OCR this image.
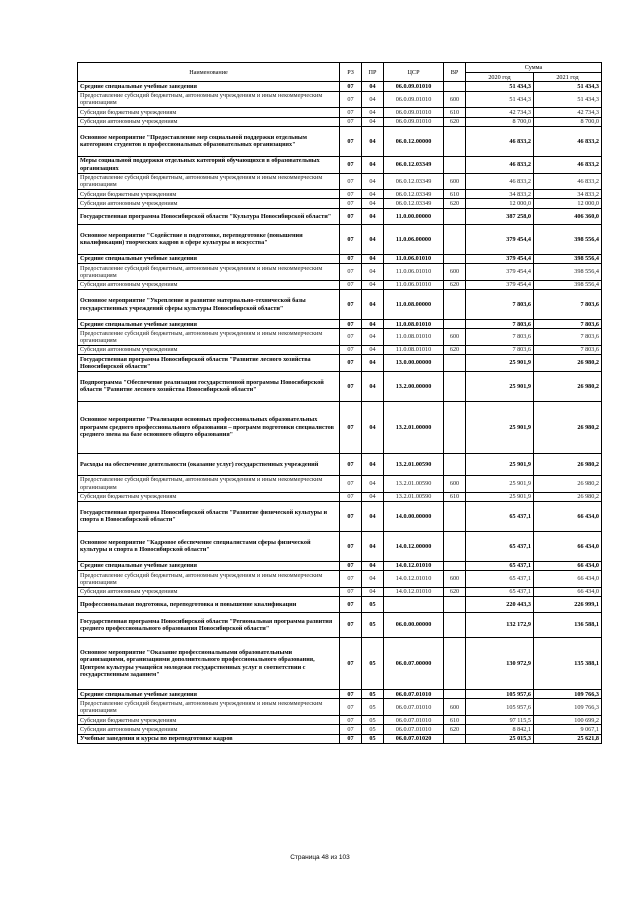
Наименование	РЗ	ПР	ЦСР	ВР	Сумма	
					2020 год	2021 год
Средние специальные учебные заведения	07	04	06.0.09.01010		51 434,3	51 434,3
Предоставление субсидий бюджетным, автономным учреждениям и иным некоммерческим организациям	07	04	06.0.09.01010	600	51 434,3	51 434,3
Субсидии бюджетным учреждениям	07	04	06.0.09.01010	610	42 734,3	42 734,3
Субсидии автономным учреждениям	07	04	06.0.09.01010	620	8 700,0	8 700,0
Основное мероприятие "Предоставление мер социальной поддержки отдельным категориям студентов в профессиональных образовательных организациях"	07	04	06.0.12.00000		46 833,2	46 833,2
Меры социальной поддержки отдельных категорий обучающихся в образовательных организациях	07	04	06.0.12.03349		46 833,2	46 833,2
Предоставление субсидий бюджетным, автономным учреждениям и иным некоммерческим организациям	07	04	06.0.12.03349	600	46 833,2	46 833,2
Субсидии бюджетным учреждениям	07	04	06.0.12.03349	610	34 833,2	34 833,2
Субсидии автономным учреждениям	07	04	06.0.12.03349	620	12 000,0	12 000,0
Государственная программа Новосибирской области "Культура Новосибирской области"	07	04	11.0.00.00000		387 258,0	406 360,0
Основное мероприятие "Содействие в подготовке, переподготовке (повышении квалификации) творческих кадров в сфере культуры и искусства"	07	04	11.0.06.00000		379 454,4	398 556,4
Средние специальные учебные заведения	07	04	11.0.06.01010		379 454,4	398 556,4
Предоставление субсидий бюджетным, автономным учреждениям и иным некоммерческим организациям	07	04	11.0.06.01010	600	379 454,4	398 556,4
Субсидии автономным учреждениям	07	04	11.0.06.01010	620	379 454,4	398 556,4
Основное мероприятие "Укрепление и развитие материально-технической базы государственных учреждений сферы культуры Новосибирской области"	07	04	11.0.08.00000		7 803,6	7 803,6
Средние специальные учебные заведения	07	04	11.0.08.01010		7 803,6	7 803,6
Предоставление субсидий бюджетным, автономным учреждениям и иным некоммерческим организациям	07	04	11.0.08.01010	600	7 803,6	7 803,6
Субсидии автономным учреждениям	07	04	11.0.08.01010	620	7 803,6	7 803,6
Государственная программа Новосибирской области "Развитие лесного хозяйства Новосибирской области"	07	04	13.0.00.00000		25 901,9	26 980,2
Подпрограмма "Обеспечение реализации государственной программы Новосибирской области "Развитие лесного хозяйства Новосибирской области"	07	04	13.2.00.00000		25 901,9	26 980,2
Основное мероприятие "Реализация основных профессиональных образовательных программ среднего профессионального образования – программ подготовки специалистов среднего звена на базе основного общего образования"	07	04	13.2.01.00000		25 901,9	26 980,2
Расходы на обеспечение деятельности (оказание услуг) государственных учреждений	07	04	13.2.01.00590		25 901,9	26 980,2
Предоставление субсидий бюджетным, автономным учреждениям и иным некоммерческим организациям	07	04	13.2.01.00590	600	25 901,9	26 980,2
Субсидии бюджетным учреждениям	07	04	13.2.01.00590	610	25 901,9	26 980,2
Государственная программа Новосибирской области "Развитие физической культуры и спорта в Новосибирской области"	07	04	14.0.00.00000		65 437,1	66 434,0
Основное мероприятие "Кадровое обеспечение специалистами сферы физической культуры и спорта в Новосибирской области"	07	04	14.0.12.00000		65 437,1	66 434,0
Средние специальные учебные заведения	07	04	14.0.12.01010		65 437,1	66 434,0
Предоставление субсидий бюджетным, автономным учреждениям и иным некоммерческим организациям	07	04	14.0.12.01010	600	65 437,1	66 434,0
Субсидии автономным учреждениям	07	04	14.0.12.01010	620	65 437,1	66 434,0
Профессиональная подготовка, переподготовка и повышение квалификации	07	05			220 443,3	226 999,1
Государственная программа Новосибирской области "Региональная программа развития среднего профессионального образования Новосибирской области"	07	05	06.0.00.00000		132 172,9	136 588,1
Основное мероприятие "Оказание профессиональными образовательными организациями, организациями дополнительного профессионального образования, Центром культуры учащейся молодежи государственных услуг в соответствии с государственным заданием"	07	05	06.0.07.00000		130 972,9	135 388,1
Средние специальные учебные заведения	07	05	06.0.07.01010		105 957,6	109 766,3
Предоставление субсидий бюджетным, автономным учреждениям и иным некоммерческим организациям	07	05	06.0.07.01010	600	105 957,6	109 766,3
Субсидии бюджетным учреждениям	07	05	06.0.07.01010	610	97 115,5	100 699,2
Субсидии автономным учреждениям	07	05	06.0.07.01010	620	8 842,1	9 067,1
Учебные заведения и курсы по переподготовке кадров	07	05	06.0.07.01020		25 015,3	25 621,8
Страница 48 из 103
